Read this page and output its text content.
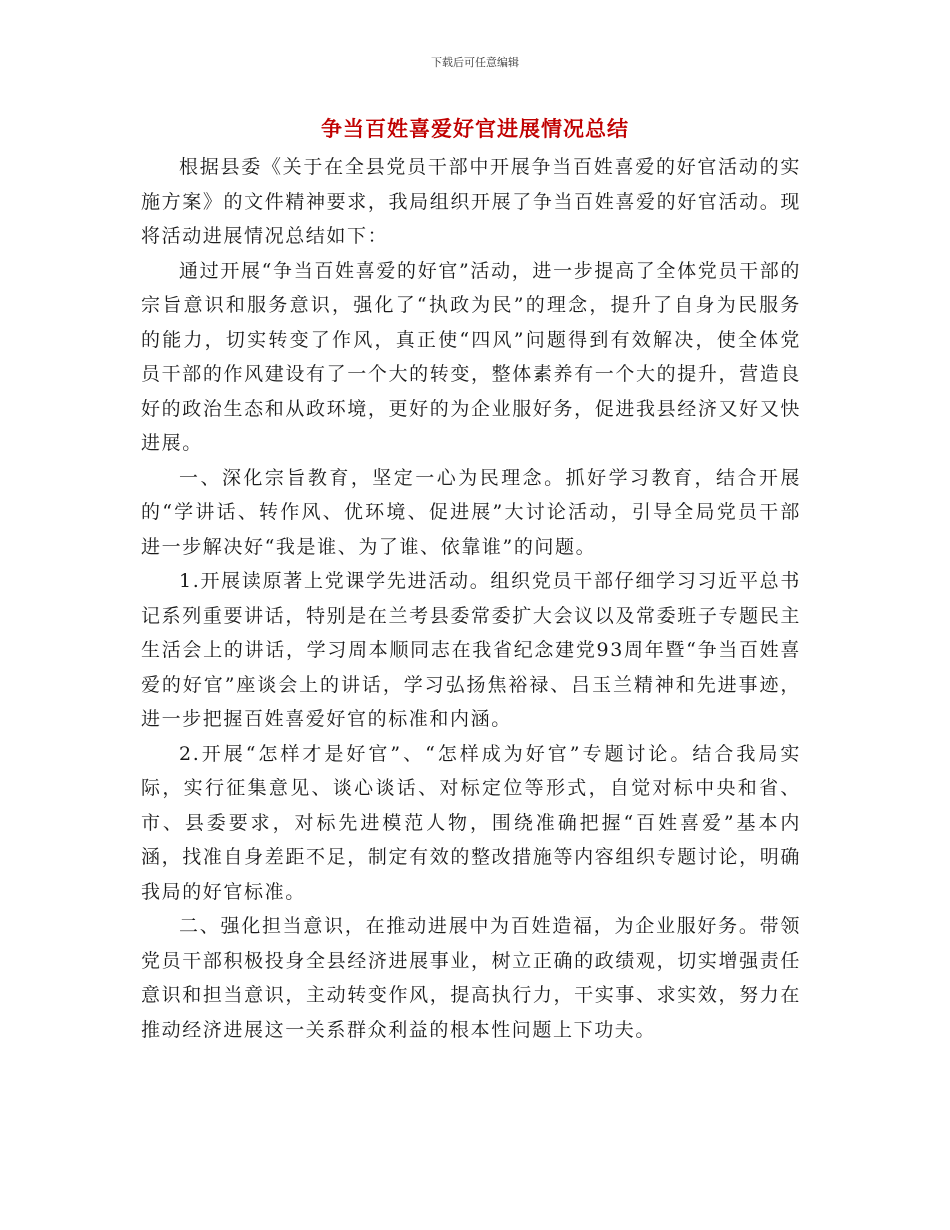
下载后可任意编辑
争当百姓喜爱好官进展情况总结

根据县委《关于在全县党员干部中开展争当百姓喜爱的好官活动的实施方案》的文件精神要求，我局组织开展了争当百姓喜爱的好官活动。现将活动进展情况总结如下：

通过开展“争当百姓喜爱的好官”活动，进一步提高了全体党员干部的宗旨意识和服务意识，强化了“执政为民”的理念，提升了自身为民服务的能力，切实转变了作风，真正使“四风”问题得到有效解决，使全体党员干部的作风建设有了一个大的转变，整体素养有一个大的提升，营造良好的政治生态和从政环境，更好的为企业服好务，促进我县经济又好又快进展。

一、深化宗旨教育，坚定一心为民理念。抓好学习教育，结合开展的“学讲话、转作风、优环境、促进展”大讨论活动，引导全局党员干部进一步解决好“我是谁、为了谁、依靠谁”的问题。

1.开展读原著上党课学先进活动。组织党员干部仔细学习习近平总书记系列重要讲话，特别是在兰考县委常委扩大会议以及常委班子专题民主生活会上的讲话，学习周本顺同志在我省纪念建党93周年暨“争当百姓喜爱的好官”座谈会上的讲话，学习弘扬焦裕禄、吕玉兰精神和先进事迹，进一步把握百姓喜爱好官的标准和内涵。

2.开展“怎样才是好官”、“怎样成为好官”专题讨论。结合我局实际，实行征集意见、谈心谈话、对标定位等形式，自觉对标中央和省、市、县委要求，对标先进模范人物，围绕准确把握“百姓喜爱”基本内涵，找准自身差距不足，制定有效的整改措施等内容组织专题讨论，明确我局的好官标准。

二、强化担当意识，在推动进展中为百姓造福，为企业服好务。带领党员干部积极投身全县经济进展事业，树立正确的政绩观，切实增强责任意识和担当意识，主动转变作风，提高执行力，干实事、求实效，努力在推动经济进展这一关系群众利益的根本性问题上下功夫。
